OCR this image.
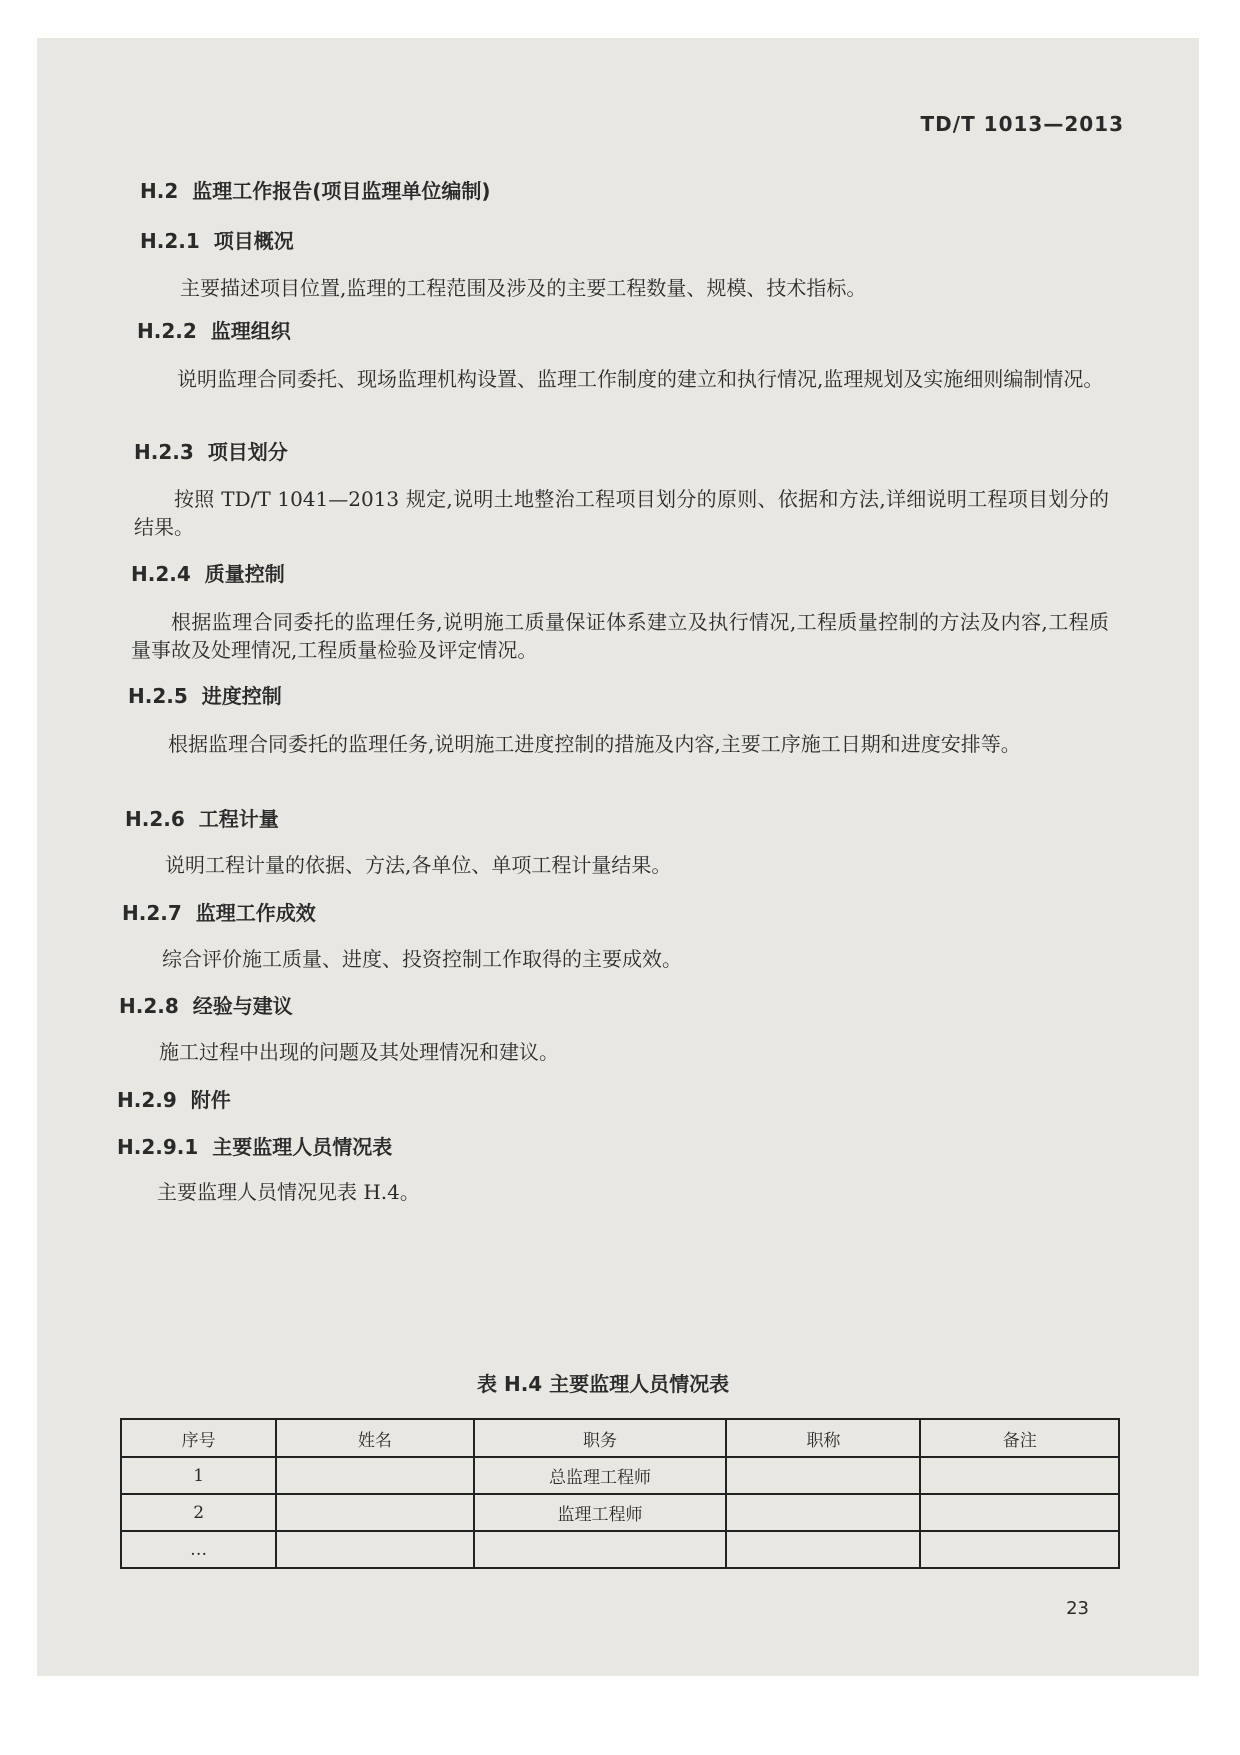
TD/T 1013—2013
H.2 监理工作报告(项目监理单位编制)
H.2.1 项目概况
主要描述项目位置,监理的工程范围及涉及的主要工程数量、规模、技术指标。
H.2.2 监理组织
说明监理合同委托、现场监理机构设置、监理工作制度的建立和执行情况,监理规划及实施细则编制情况。
H.2.3 项目划分
按照 TD/T 1041—2013 规定,说明土地整治工程项目划分的原则、依据和方法,详细说明工程项目划分的结果。
H.2.4 质量控制
根据监理合同委托的监理任务,说明施工质量保证体系建立及执行情况,工程质量控制的方法及内容,工程质量事故及处理情况,工程质量检验及评定情况。
H.2.5 进度控制
根据监理合同委托的监理任务,说明施工进度控制的措施及内容,主要工序施工日期和进度安排等。
H.2.6 工程计量
说明工程计量的依据、方法,各单位、单项工程计量结果。
H.2.7 监理工作成效
综合评价施工质量、进度、投资控制工作取得的主要成效。
H.2.8 经验与建议
施工过程中出现的问题及其处理情况和建议。
H.2.9 附件
H.2.9.1 主要监理人员情况表
主要监理人员情况见表 H.4。
表 H.4 主要监理人员情况表
序号	姓名	职务	职称	备注
1		总监理工程师		
2		监理工程师		
…				
23
